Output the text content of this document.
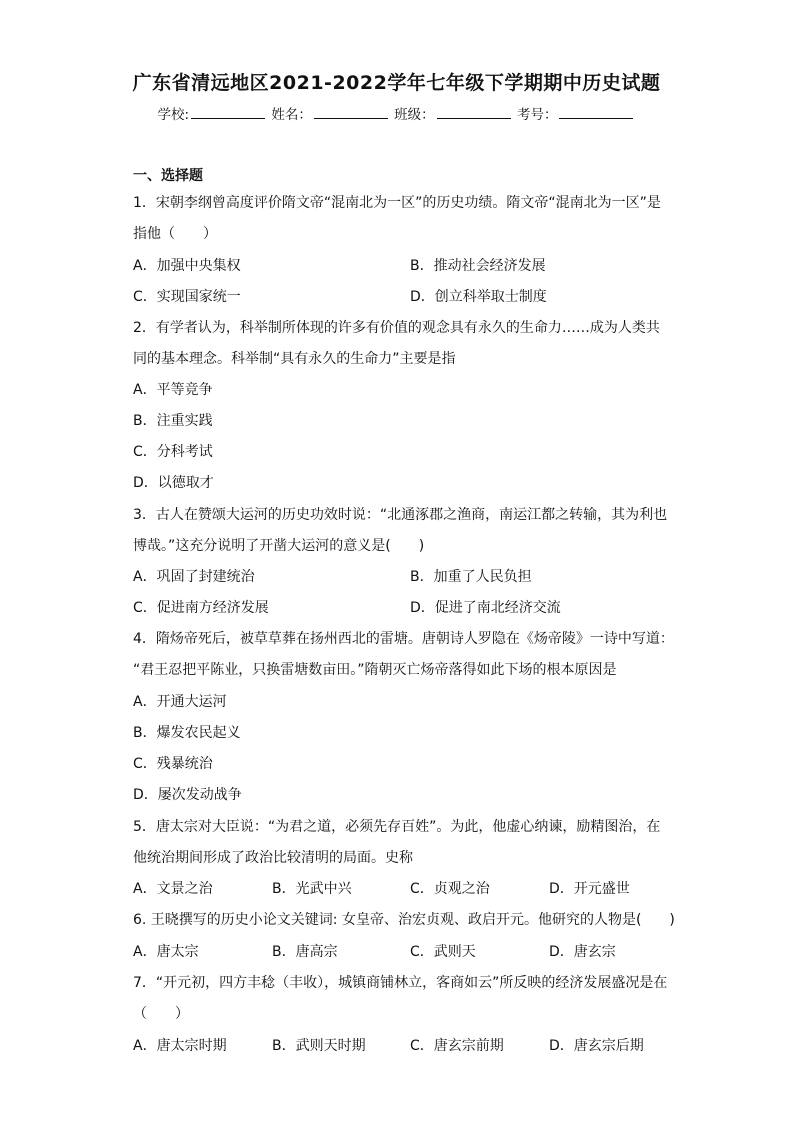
广东省清远地区2021-2022学年七年级下学期期中历史试题
学校:	姓名：	班级：	考号：
一、选择题
1．宋朝李纲曾高度评价隋文帝“混南北为一区”的历史功绩。隋文帝“混南北为一区”是
指他（　　）
A．加强中央集权	B．推动社会经济发展
C．实现国家统一	D．创立科举取士制度
2．有学者认为，科举制所体现的许多有价值的观念具有永久的生命力……成为人类共
同的基本理念。科举制“具有永久的生命力”主要是指
A．平等竞争
B．注重实践
C．分科考试
D．以德取才
3．古人在赞颂大运河的历史功效时说：“北通涿郡之渔商，南运江都之转输，其为利也
博哉。”这充分说明了开凿大运河的意义是(　　)
A．巩固了封建统治	B．加重了人民负担
C．促进南方经济发展	D．促进了南北经济交流
4．隋炀帝死后，被草草葬在扬州西北的雷塘。唐朝诗人罗隐在《炀帝陵》一诗中写道：
“君王忍把平陈业，只换雷塘数亩田。”隋朝灭亡炀帝落得如此下场的根本原因是
A．开通大运河
B．爆发农民起义
C．残暴统治
D．屡次发动战争
5．唐太宗对大臣说：“为君之道，必须先存百姓”。为此，他虚心纳谏，励精图治，在
他统治期间形成了政治比较清明的局面。史称
A．文景之治	B．光武中兴	C．贞观之治	D．开元盛世
6. 王晓撰写的历史小论文关键词: 女皇帝、治宏贞观、政启开元。他研究的人物是(　　)
A．唐太宗	B．唐高宗	C．武则天	D．唐玄宗
7．“开元初，四方丰稔（丰收），城镇商铺林立，客商如云”所反映的经济发展盛况是在
（　　）
A．唐太宗时期	B．武则天时期	C．唐玄宗前期	D．唐玄宗后期
